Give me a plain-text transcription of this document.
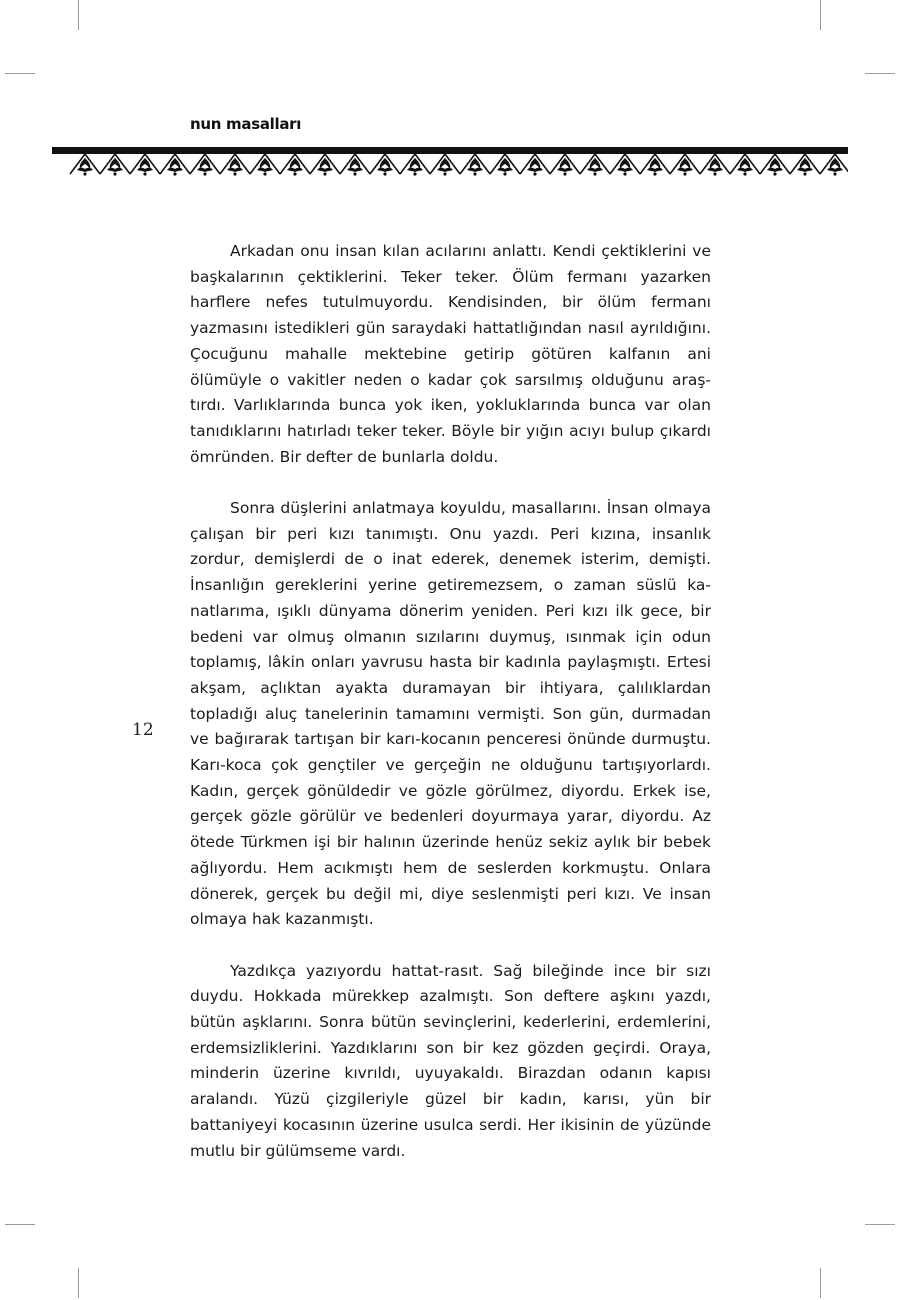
nun masalları
12

Arkadan onu insan kılan acılarını anlattı. Kendi çektiklerini ve başkalarının çektiklerini. Teker teker. Ölüm fermanı yazarken harflere nefes tutulmuyordu. Kendisinden, bir ölüm fermanı yazmasını istedikleri gün saraydaki hattatlığından nasıl ayrıldığını. Çocuğunu mahalle mektebine getirip götüren kalfanın ani ölümüyle o vakitler neden o kadar çok sarsılmış olduğunu araştırdı. Varlıklarında bunca yok iken, yokluklarında bunca var olan tanıdıklarını hatırladı teker teker. Böyle bir yığın acıyı bulup çıkardı ömründen. Bir defter de bunlarla doldu.

Sonra düşlerini anlatmaya koyuldu, masallarını. İnsan olmaya çalışan bir peri kızı tanımıştı. Onu yazdı. Peri kızına, insanlık zordur, demişlerdi de o inat ederek, denemek isterim, demişti. İnsanlığın gereklerini yerine getiremezsem, o zaman süslü kanatlarıma, ışıklı dünyama dönerim yeniden. Peri kızı ilk gece, bir bedeni var olmuş olmanın sızılarını duymuş, ısınmak için odun toplamış, lâkin onları yavrusu hasta bir kadınla paylaşmıştı. Ertesi akşam, açlıktan ayakta duramayan bir ihtiyara, çalılıklardan topladığı aluç tanelerinin tamamını vermişti. Son gün, durmadan ve bağırarak tartışan bir karı-kocanın penceresi önünde durmuştu. Karı-koca çok gençtiler ve gerçeğin ne olduğunu tartışıyorlardı. Kadın, gerçek gönüldedir ve gözle görülmez, diyordu. Erkek ise, gerçek gözle görülür ve bedenleri doyurmaya yarar, diyordu. Az ötede Türkmen işi bir halının üzerinde henüz sekiz aylık bir bebek ağlıyordu. Hem acıkmıştı hem de seslerden korkmuştu. Onlara dönerek, gerçek bu değil mi, diye seslenmişti peri kızı. Ve insan olmaya hak kazanmıştı.

Yazdıkça yazıyordu hattat-rasıt. Sağ bileğinde ince bir sızı duydu. Hokkada mürekkep azalmıştı. Son deftere aşkını yazdı, bütün aşklarını. Sonra bütün sevinçlerini, kederlerini, erdemlerini, erdemsizliklerini. Yazdıklarını son bir kez gözden geçirdi. Oraya, minderin üzerine kıvrıldı, uyuyakaldı. Birazdan odanın kapısı aralandı. Yüzü çizgileriyle güzel bir kadın, karısı, yün bir battaniyeyi kocasının üzerine usulca serdi. Her ikisinin de yüzünde mutlu bir gülümseme vardı.
